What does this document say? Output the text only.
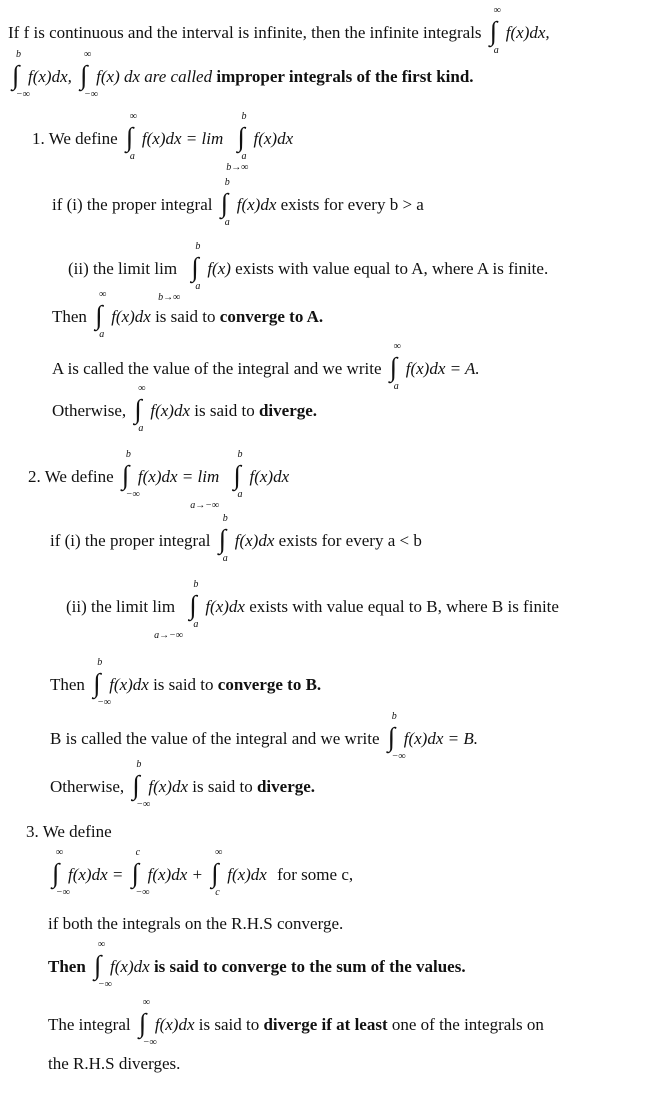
If f is continuous and the interval is infinite, then the infinite integrals ∫
∞
a
f(x)dx,
∫
b
−∞
f(x)dx, ∫
∞
−∞
f(x) dx are called improper integrals of the first kind.
1. We define ∫
∞
a
f(x)dx = lim
b→∞

∫
b
a
f(x)dx
if (i) the proper integral ∫
b
a
f(x)dx exists for every b > a
(ii) the limit lim
b→∞

∫
b
a
f(x) exists with value equal to A, where A is finite.
Then ∫
∞
a
f(x)dx is said to converge to A.
A is called the value of the integral and we write ∫
∞
a
f(x)dx = A.
Otherwise, ∫
∞
a
f(x)dx is said to diverge.
2. We define ∫
b
−∞
f(x)dx = lim
a→−∞

∫
b
a
f(x)dx
if (i) the proper integral ∫
b
a
f(x)dx exists for every a < b
(ii) the limit lim
a→−∞

∫
b
a
f(x)dx exists with value equal to B, where B is finite
Then ∫
b
−∞
f(x)dx is said to converge to B.
B is called the value of the integral and we write ∫
b
−∞
f(x)dx = B.
Otherwise, ∫
b
−∞
f(x)dx is said to diverge.
3. We define
∫
∞
−∞
f(x)dx = ∫
c
−∞
f(x)dx + ∫
∞
c
f(x)dx for some c,
if both the integrals on the R.H.S converge.
Then ∫
∞
−∞
f(x)dx is said to converge to the sum of the values.
The integral ∫
∞
−∞
f(x)dx is said to diverge if at least one of the integrals on
the R.H.S diverges.
